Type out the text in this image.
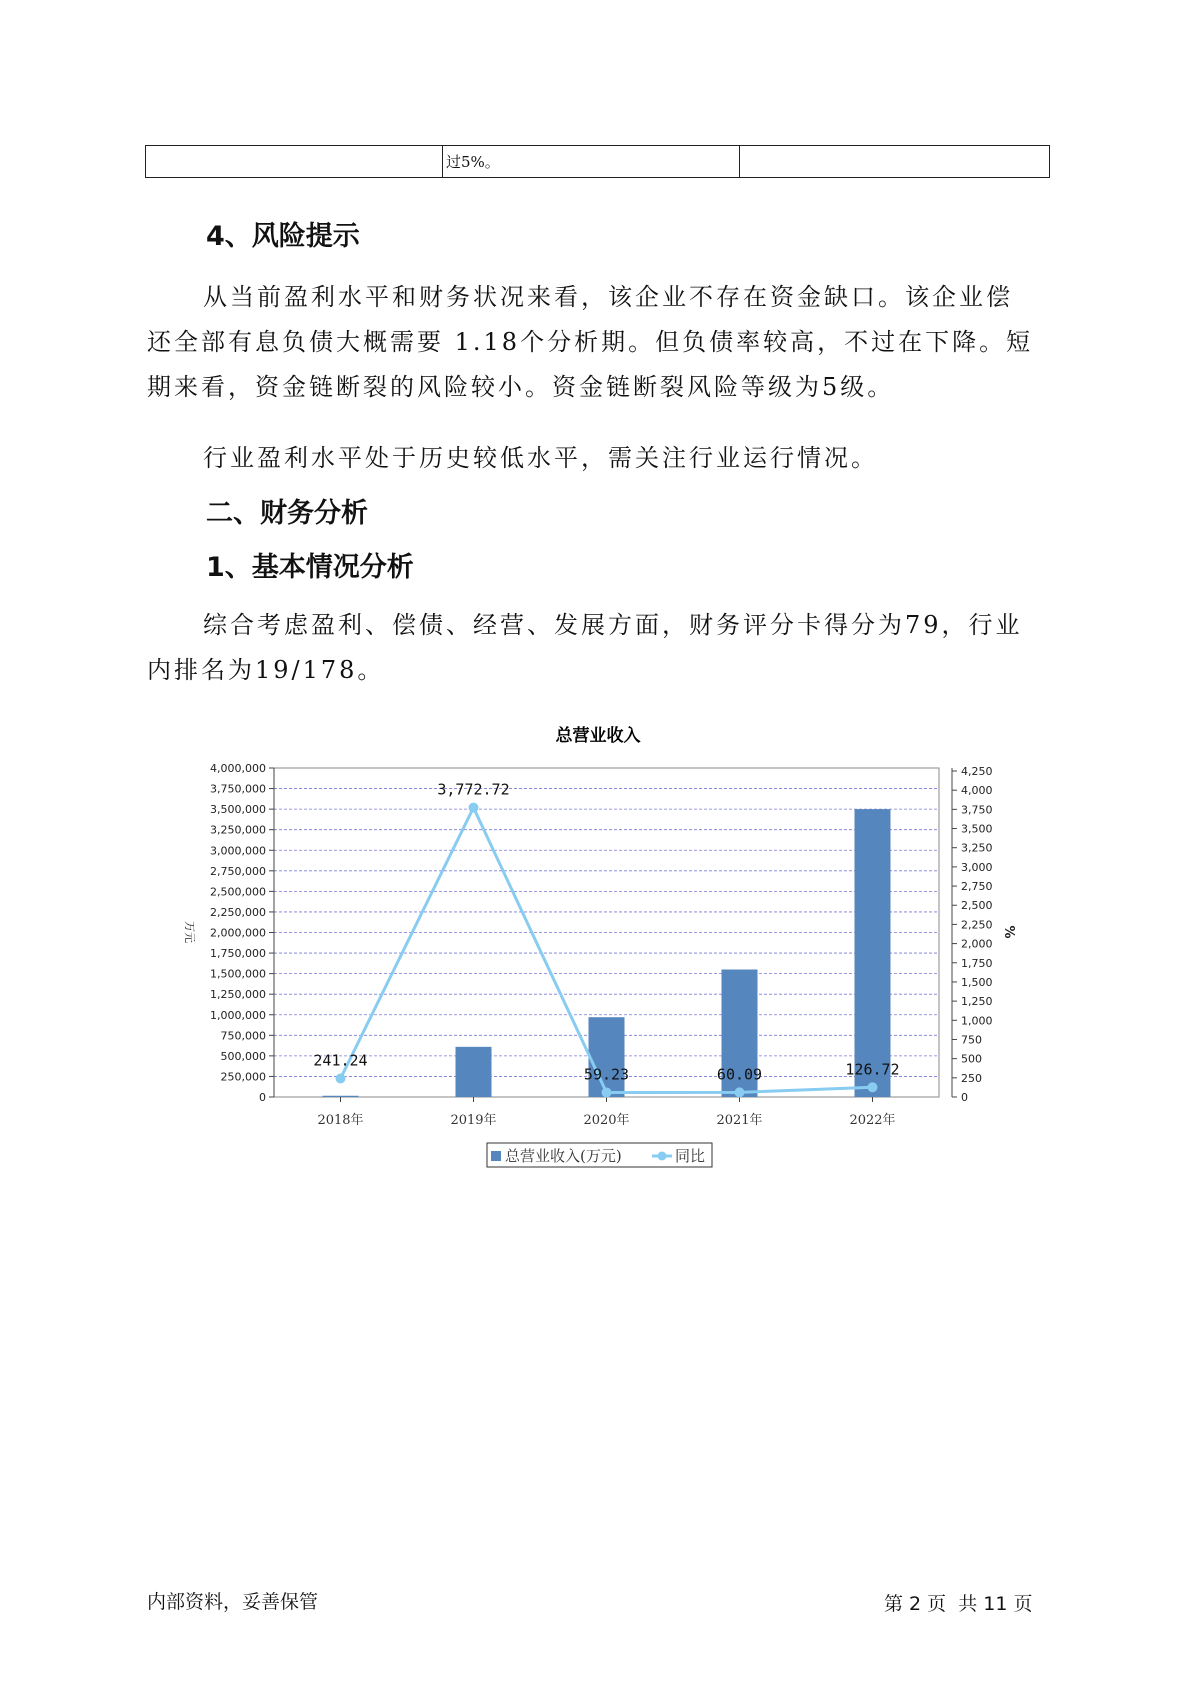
	过5%。	
4、风险提示

从当前盈利水平和财务状况来看，该企业不存在资金缺口。该企业偿

还全部有息负债大概需要 1.18个分析期。但负债率较高，不过在下降。短

期来看，资金链断裂的风险较小。资金链断裂风险等级为5级。

行业盈利水平处于历史较低水平，需关注行业运行情况。

二、财务分析
1、基本情况分析

综合考虑盈利、偿债、经营、发展方面，财务评分卡得分为79，行业

内排名为19/178。

总营业收入
0
250,000
500,000
750,000
1,000,000
1,250,000
1,500,000
1,750,000
2,000,000
2,250,000
2,500,000
2,750,000
3,000,000
3,250,000
3,500,000
3,750,000
4,000,000
0
250
500
750
1,000
1,250
1,500
1,750
2,000
2,250
2,500
2,750
3,000
3,250
3,500
3,750
4,000
4,250
万元	%
2018年	2019年	2020年	2021年	2022年
241.24
3,772.72
59.23	60.09	126.72
总营业收入(万元)	同比
内部资料，妥善保管	第 2 页  共 11 页
